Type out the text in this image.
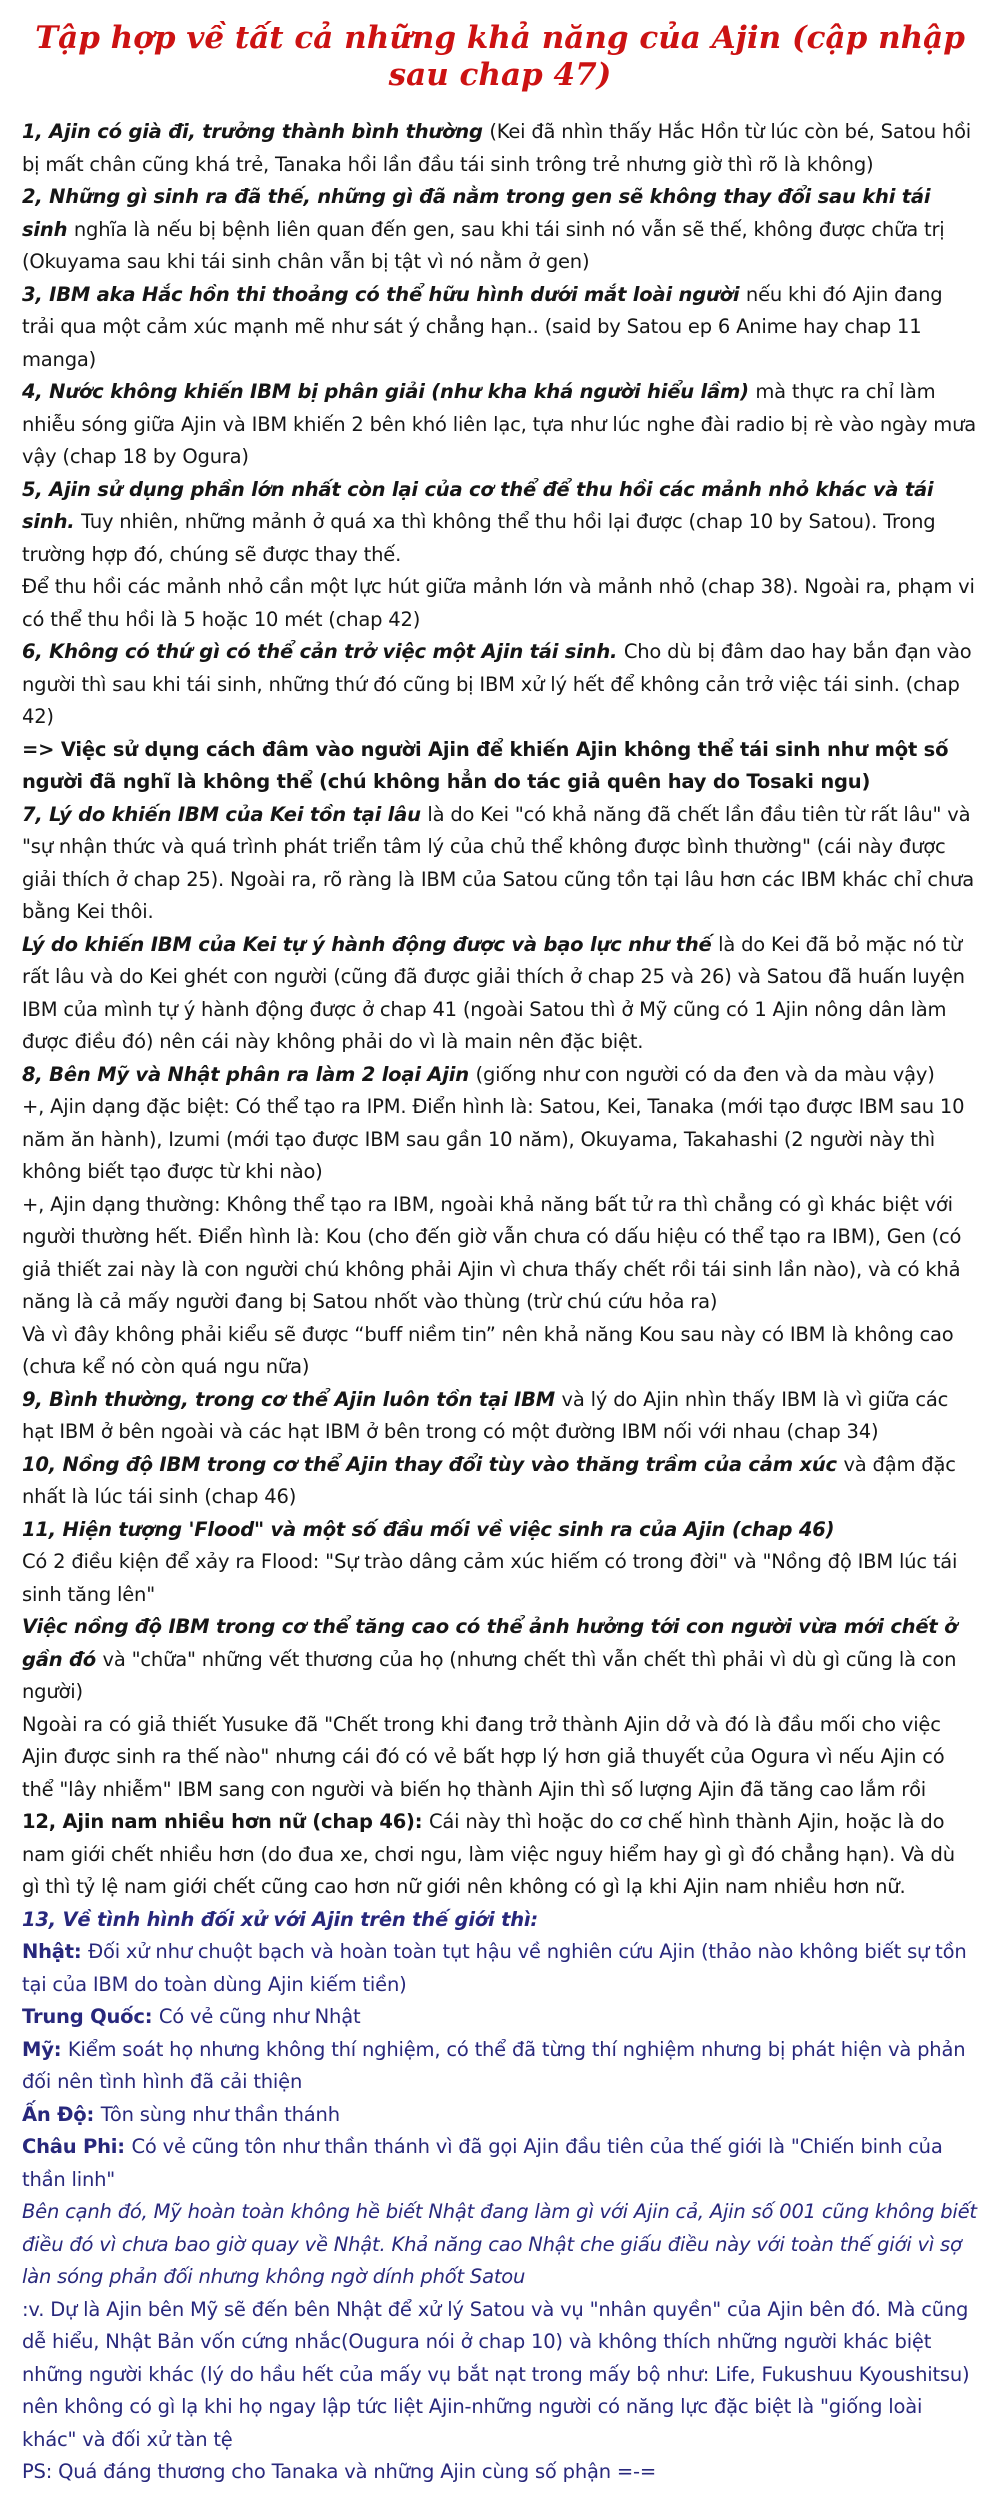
Tập hợp về tất cả những khả năng của Ajin (cập nhập sau chap 47)

1, Ajin có già đi, trưởng thành bình thường (Kei đã nhìn thấy Hắc Hồn từ lúc còn bé, Satou hồi bị mất chân cũng khá trẻ, Tanaka hồi lần đầu tái sinh trông trẻ nhưng giờ thì rõ là không)

2, Những gì sinh ra đã thế, những gì đã nằm trong gen sẽ không thay đổi sau khi tái sinh nghĩa là nếu bị bệnh liên quan đến gen, sau khi tái sinh nó vẫn sẽ thế, không được chữa trị (Okuyama sau khi tái sinh chân vẫn bị tật vì nó nằm ở gen)

3, IBM aka Hắc hồn thi thoảng có thể hữu hình dưới mắt loài người nếu khi đó Ajin đang trải qua một cảm xúc mạnh mẽ như sát ý chẳng hạn.. (said by Satou ep 6 Anime hay chap 11 manga)

4, Nước không khiến IBM bị phân giải (như kha khá người hiểu lầm) mà thực ra chỉ làm nhiễu sóng giữa Ajin và IBM khiến 2 bên khó liên lạc, tựa như lúc nghe đài radio bị rè vào ngày mưa vậy (chap 18 by Ogura)

5, Ajin sử dụng phần lớn nhất còn lại của cơ thể để thu hồi các mảnh nhỏ khác và tái sinh. Tuy nhiên, những mảnh ở quá xa thì không thể thu hồi lại được (chap 10 by Satou). Trong trường hợp đó, chúng sẽ được thay thế.

Để thu hồi các mảnh nhỏ cần một lực hút giữa mảnh lớn và mảnh nhỏ (chap 38). Ngoài ra, phạm vi có thể thu hồi là 5 hoặc 10 mét (chap 42)

6, Không có thứ gì có thể cản trở việc một Ajin tái sinh. Cho dù bị đâm dao hay bắn đạn vào người thì sau khi tái sinh, những thứ đó cũng bị IBM xử lý hết để không cản trở việc tái sinh. (chap 42)

=> Việc sử dụng cách đâm vào người Ajin để khiến Ajin không thể tái sinh như một số người đã nghĩ là không thể (chú không hẳn do tác giả quên hay do Tosaki ngu)

7, Lý do khiến IBM của Kei tồn tại lâu là do Kei "có khả năng đã chết lần đầu tiên từ rất lâu" và "sự nhận thức và quá trình phát triển tâm lý của chủ thể không được bình thường" (cái này được giải thích ở chap 25). Ngoài ra, rõ ràng là IBM của Satou cũng tồn tại lâu hơn các IBM khác chỉ chưa bằng Kei thôi.

Lý do khiến IBM của Kei tự ý hành động được và bạo lực như thế là do Kei đã bỏ mặc nó từ rất lâu và do Kei ghét con người (cũng đã được giải thích ở chap 25 và 26) và Satou đã huấn luyện IBM của mình tự ý hành động được ở chap 41 (ngoài Satou thì ở Mỹ cũng có 1 Ajin nông dân làm được điều đó) nên cái này không phải do vì là main nên đặc biệt.

8, Bên Mỹ và Nhật phân ra làm 2 loại Ajin (giống như con người có da đen và da màu vậy)

+, Ajin dạng đặc biệt: Có thể tạo ra IPM. Điển hình là: Satou, Kei, Tanaka (mới tạo được IBM sau 10 năm ăn hành), Izumi (mới tạo được IBM sau gần 10 năm), Okuyama, Takahashi (2 người này thì không biết tạo được từ khi nào)

+, Ajin dạng thường: Không thể tạo ra IBM, ngoài khả năng bất tử ra thì chẳng có gì khác biệt với người thường hết. Điển hình là: Kou (cho đến giờ vẫn chưa có dấu hiệu có thể tạo ra IBM), Gen (có giả thiết zai này là con người chú không phải Ajin vì chưa thấy chết rồi tái sinh lần nào), và có khả năng là cả mấy người đang bị Satou nhốt vào thùng (trừ chú cứu hỏa ra)

Và vì đây không phải kiểu sẽ được “buff niềm tin” nên khả năng Kou sau này có IBM là không cao (chưa kể nó còn quá ngu nữa)

9, Bình thường, trong cơ thể Ajin luôn tồn tại IBM và lý do Ajin nhìn thấy IBM là vì giữa các hạt IBM ở bên ngoài và các hạt IBM ở bên trong có một đường IBM nối với nhau (chap 34)

10, Nồng độ IBM trong cơ thể Ajin thay đổi tùy vào thăng trầm của cảm xúc và đậm đặc nhất là lúc tái sinh (chap 46)

11, Hiện tượng 'Flood" và một số đầu mối về việc sinh ra của Ajin (chap 46)

Có 2 điều kiện để xảy ra Flood: "Sự trào dâng cảm xúc hiếm có trong đời" và "Nồng độ IBM lúc tái sinh tăng lên"

Việc nồng độ IBM trong cơ thể tăng cao có thể ảnh hưởng tới con người vừa mới chết ở gần đó và "chữa" những vết thương của họ (nhưng chết thì vẫn chết thì phải vì dù gì cũng là con người)

Ngoài ra có giả thiết Yusuke đã "Chết trong khi đang trở thành Ajin dở và đó là đầu mối cho việc Ajin được sinh ra thế nào" nhưng cái đó có vẻ bất hợp lý hơn giả thuyết của Ogura vì nếu Ajin có thể "lây nhiễm" IBM sang con người và biến họ thành Ajin thì số lượng Ajin đã tăng cao lắm rồi

12, Ajin nam nhiều hơn nữ (chap 46): Cái này thì hoặc do cơ chế hình thành Ajin, hoặc là do nam giới chết nhiều hơn (do đua xe, chơi ngu, làm việc nguy hiểm hay gì gì đó chẳng hạn). Và dù gì thì tỷ lệ nam giới chết cũng cao hơn nữ giới nên không có gì lạ khi Ajin nam nhiều hơn nữ.

13, Về tình hình đối xử với Ajin trên thế giới thì:

Nhật: Đối xử như chuột bạch và hoàn toàn tụt hậu về nghiên cứu Ajin (thảo nào không biết sự tồn tại của IBM do toàn dùng Ajin kiếm tiền)

Trung Quốc: Có vẻ cũng như Nhật

Mỹ: Kiểm soát họ nhưng không thí nghiệm, có thể đã từng thí nghiệm nhưng bị phát hiện và phản đối nên tình hình đã cải thiện

Ấn Độ: Tôn sùng như thần thánh

Châu Phi: Có vẻ cũng tôn như thần thánh vì đã gọi Ajin đầu tiên của thế giới là "Chiến binh của thần linh"

Bên cạnh đó, Mỹ hoàn toàn không hề biết Nhật đang làm gì với Ajin cả, Ajin số 001 cũng không biết điều đó vì chưa bao giờ quay về Nhật. Khả năng cao Nhật che giấu điều này với toàn thế giới vì sợ làn sóng phản đối nhưng không ngờ dính phốt Satou

:v. Dự là Ajin bên Mỹ sẽ đến bên Nhật để xử lý Satou và vụ "nhân quyền" của Ajin bên đó. Mà cũng dễ hiểu, Nhật Bản vốn cứng nhắc(Ougura nói ở chap 10) và không thích những người khác biệt những người khác (lý do hầu hết của mấy vụ bắt nạt trong mấy bộ như: Life, Fukushuu Kyoushitsu) nên không có gì lạ khi họ ngay lập tức liệt Ajin-những người có năng lực đặc biệt là "giống loài khác" và đối xử tàn tệ

PS: Quá đáng thương cho Tanaka và những Ajin cùng số phận =-=
